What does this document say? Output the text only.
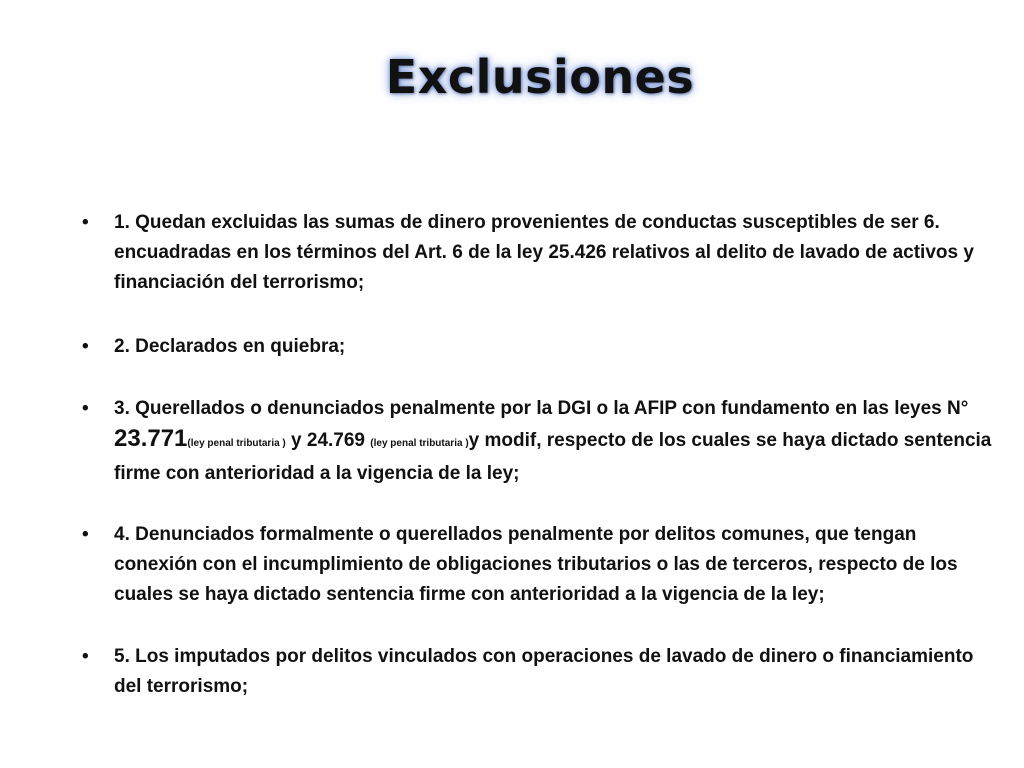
Exclusiones
• 1. Quedan excluidas las sumas de dinero provenientes de conductas susceptibles de ser 6. encuadradas en los términos del Art. 6 de la ley 25.426 relativos al delito de lavado de activos y financiación del terrorismo;
• 2. Declarados en quiebra;
• 3. Querellados o denunciados penalmente por la DGI o la AFIP con fundamento en las leyes N° 23.771(ley penal tributaria ) y 24.769 (ley penal tributaria )y modif, respecto de los cuales se haya dictado sentencia firme con anterioridad a la vigencia de la ley;
• 4. Denunciados formalmente o querellados penalmente por delitos comunes, que tengan conexión con el incumplimiento de obligaciones tributarios o las de terceros, respecto de los cuales se haya dictado sentencia firme con anterioridad a la vigencia de la ley;
• 5. Los imputados por delitos vinculados con operaciones de lavado de dinero o financiamiento del terrorismo;
